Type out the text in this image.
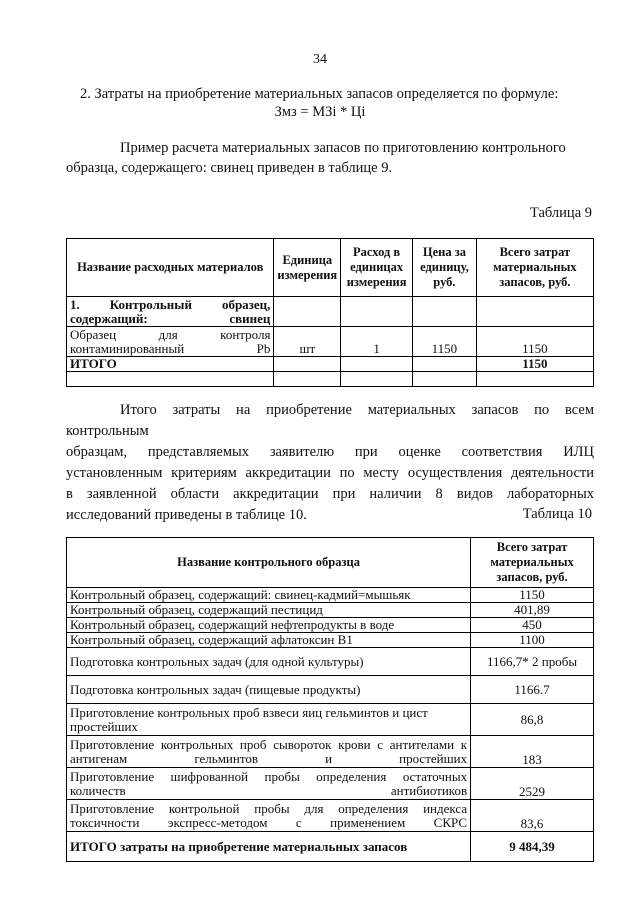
34
2. Затраты на приобретение материальных запасов определяется по формуле:
Змз = МЗi * Цi
Пример расчета материальных запасов по приготовлению контрольного
образца, содержащего: свинец приведен в таблице 9.
Таблица 9
Название расходных материалов	Единица измерения	Расход в единицах измерения	Цена за единицу, руб.	Всего затрат материальных запасов, руб.
1. Контрольный образец, содержащий: свинец				
Образец для контроля контаминированный Pb	шт	1	1150	1150
ИТОГО				1150

Итого затраты на приобретение материальных запасов по всем контрольным
образцам, представляемых заявителю при оценке соответствия ИЛЦ
установленным критериям аккредитации по месту осуществления деятельности
в заявленной области аккредитации при наличии 8 видов лабораторных
исследований приведены в таблице 10.	Таблица 10
Название контрольного образца	Всего затрат материальных запасов, руб.
Контрольный образец, содержащий: свинец-кадмий=мышьяк	1150
Контрольный образец, содержащий пестицид	401,89
Контрольный образец, содержащий нефтепродукты в воде	450
Контрольный образец, содержащий афлатоксин B1	1100
Подготовка контрольных задач (для одной культуры)	1166,7* 2 пробы
Подготовка контрольных задач (пищевые продукты)	1166.7
Приготовление контрольных проб взвеси яиц гельминтов и цист простейших	86,8
Приготовление контрольных проб сывороток крови с антителами к антигенам гельминтов и простейших	183
Приготовление шифрованной пробы определения остаточных количеств антибиотиков	2529
Приготовление контрольной пробы для определения индекса токсичности экспресс-методом с применением СКРС	83,6
ИТОГО затраты на приобретение материальных запасов	9 484,39
